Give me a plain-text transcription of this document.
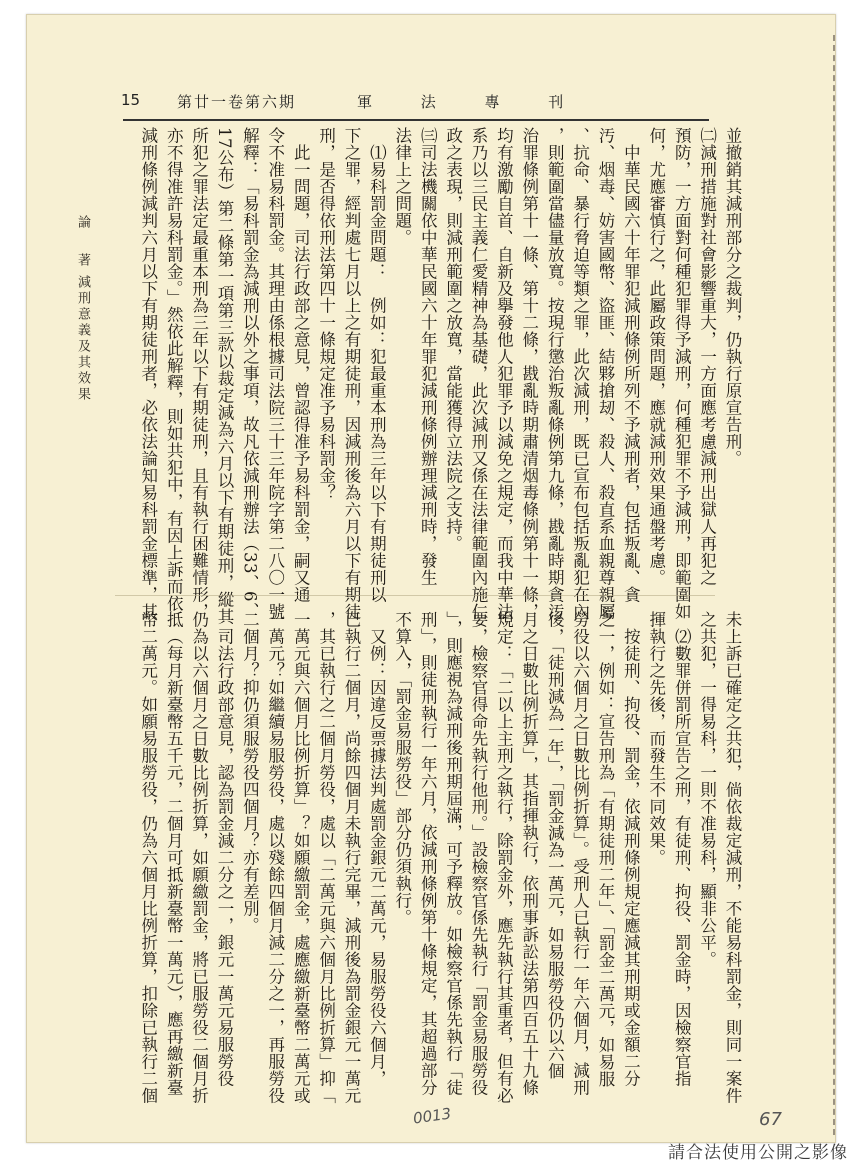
15 第廿一卷第六期	軍 法 專 刊
論　著
減刑意義及其效果	並撤銷其減刑部分之裁判，仍執行原宣告刑。
㈡減刑措施對社會影響重大，一方面應考慮減刑出獄人再犯之
預防，一方面對何種犯罪得予減刑，何種犯罪不予減刑，即範圍如
何，尤應審慎行之，此屬政策問題，應就減刑效果通盤考慮。
　中華民國六十年罪犯減刑條例所列不予減刑者，包括叛亂、貪
汚、烟毒、妨害國幣、盜匪、結夥搶刼、殺人、殺直系血親尊親屬
、抗命、暴行脅迫等類之罪，此次減刑，既已宣布包括叛亂犯在內
，則範圍當儘量放寬。按現行懲治叛亂條例第九條，戡亂時期貪汚
治罪條例第十一條、第十二條，戡亂時期肅清烟毒條例第十一條，
均有激勵自首、自新及擧發他人犯罪予以減免之規定，而我中華法
系乃以三民主義仁愛精神為基礎，此次減刑又係在法律範圍內施仁
政之表現，則減刑範圍之放寬，當能獲得立法院之支持。
㈢司法機關依中華民國六十年罪犯減刑條例辦理減刑時，發生
法律上之問題。
　⑴易科罰金問題：　例如：犯最重本刑為三年以下有期徒刑以
下之罪，經判處七月以上之有期徒刑，因減刑後為六月以下有期徒
刑，是否得依刑法第四十一條規定准予易科罰金？
　此一問題，司法行政部之意見，曾認得准予易科罰金，嗣又通
令不准易科罰金。其理由係根據司法院三十三年院字第二八〇一號
解釋：「易科罰金為減刑以外之事項，故凡依減刑辦法（33、6、
17公布）第二條第一項第三款以裁定減為六月以下有期徒刑，縱其
所犯之罪法定最重本刑為三年以下有期徒刑，且有執行困難情形，
亦不得准許易科罰金。」然依此解釋，則如共犯中，有因上訴而依
減刑條例減判六月以下有期徒刑者，必依法論知易科罰金標準，其
未上訴已確定之共犯，倘依裁定減刑，不能易科罰金，則同一案件
之共犯，一得易科，一則不准易科，顯非公平。
　⑵數罪併罰所宣告之刑，有徒刑、拘役、罰金時，因檢察官指
揮執行之先後，而發生不同效果。
　按徒刑、拘役、罰金，依減刑條例規定應減其刑期或金額二分
之一，例如：宣告刑為「有期徒刑二年」、「罰金二萬元，如易服
勞役以六個月之日數比例折算」。受刑人已執行一年六個月，減刑
後，「徒刑減為一年」，「罰金減為一萬元，如易服勞役仍以六個
月之日數比例折算」，其指揮執行，依刑事訴訟法第四百五十九條
規定：「二以上主刑之執行，除罰金外，應先執行其重者，但有必
要，檢察官得命先執行他刑。」設檢察官係先執行「罰金易服勞役
」，則應視為減刑後刑期屆滿，可予釋放。如檢察官係先執行「徒
刑」，則徒刑執行一年六月，依減刑條例第十條規定，其超過部分
不算入，「罰金易服勞役」部分仍須執行。
　又例：因違反票據法判處罰金銀元二萬元，易服勞役六個月，
已執行二個月，尚餘四個月未執行完畢，減刑後為罰金銀元一萬元
，其已執行之二個月勞役，處以「二萬元與六個月比例折算」抑「
一萬元與六個月比例折算」？如願繳罰金，處應繳新臺幣二萬元或
一萬元？如繼續易服勞役，處以殘餘四個月減二分之一，再服勞役
二個月？抑仍須服勞役四個月？亦有差別。
　司法行政部意見，認為罰金減二分之一，銀元一萬元易服勞役
仍為以六個月之日數比例折算，如願繳罰金，將已服勞役二個月折
抵（每月新臺幣五千元，二個月可抵新臺幣一萬元），應再繳新臺
幣二萬元。如願易服勞役，仍為六個月比例折算，扣除已執行二個
0013	67
請合法使用公開之影像
